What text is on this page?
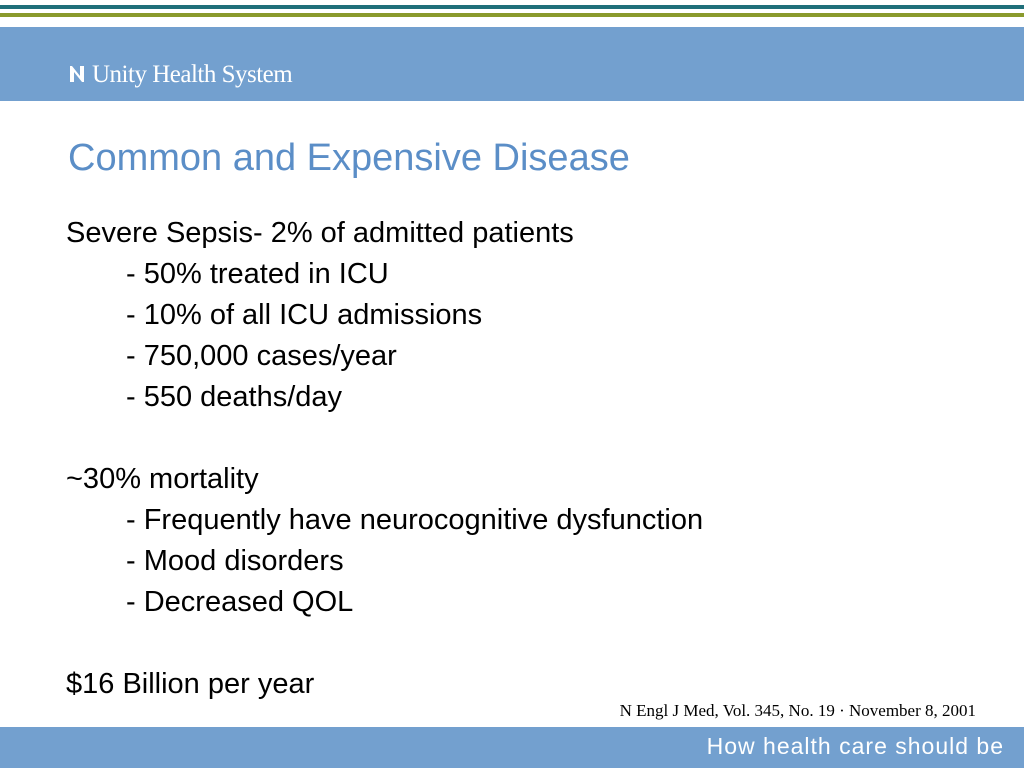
Unity Health System
Common and Expensive Disease
Severe Sepsis- 2% of admitted patients
- 50% treated in ICU
- 10% of all ICU admissions
- 750,000 cases/year
- 550 deaths/day
~30% mortality
- Frequently have neurocognitive dysfunction
- Mood disorders
- Decreased QOL
$16 Billion per year
N Engl J Med, Vol. 345, No. 19 · November 8, 2001
How health care should be
